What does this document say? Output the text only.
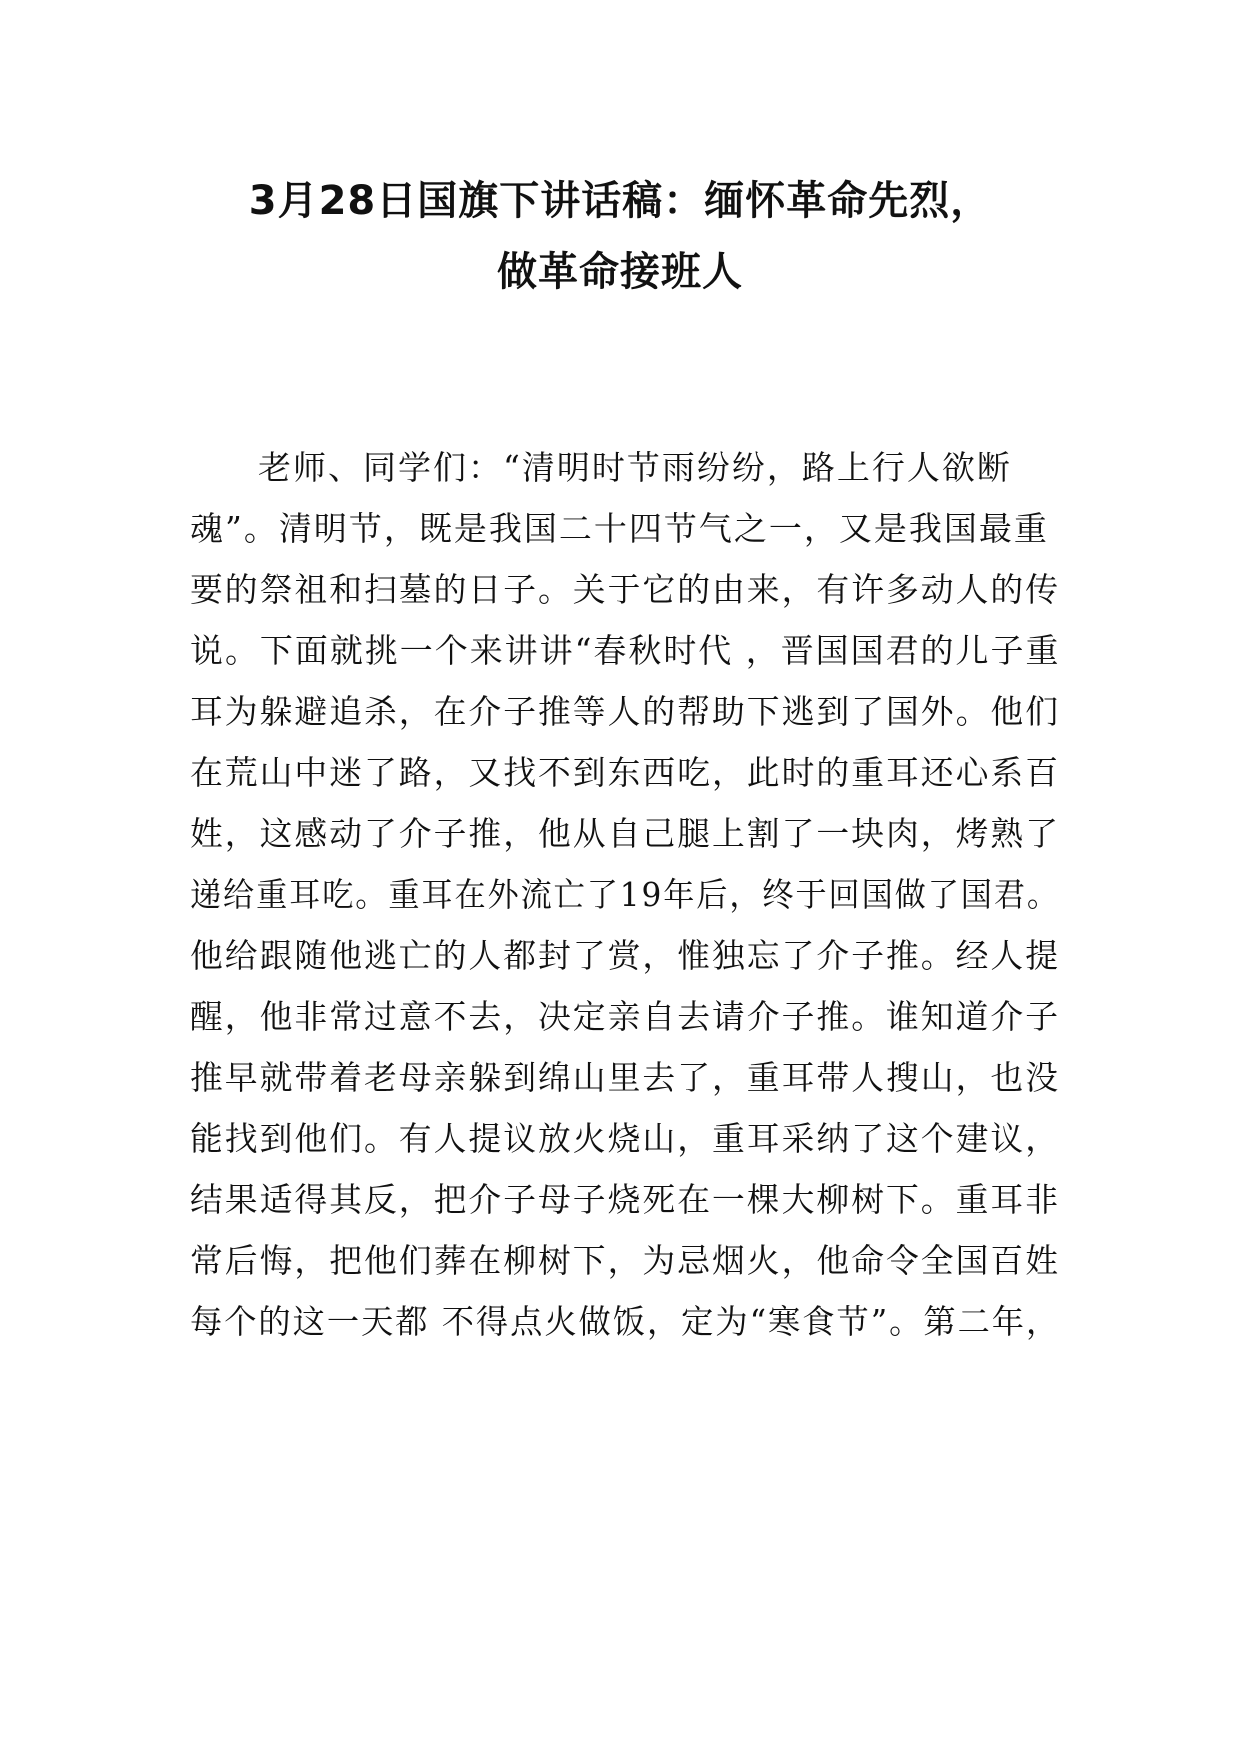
3月28日国旗下讲话稿：缅怀革命先烈，
做革命接班人
老师、同学们：“清明时节雨纷纷，路上行人欲断
魂”。清明节，既是我国二十四节气之一，又是我国最重
要的祭祖和扫墓的日子。关于它的由来，有许多动人的传
说。下面就挑一个来讲讲“春秋时代 ，晋国国君的儿子重
耳为躲避追杀，在介子推等人的帮助下逃到了国外。他们
在荒山中迷了路，又找不到东西吃，此时的重耳还心系百
姓，这感动了介子推，他从自己腿上割了一块肉，烤熟了
递给重耳吃。重耳在外流亡了19年后，终于回国做了国君。
他给跟随他逃亡的人都封了赏，惟独忘了介子推。经人提
醒，他非常过意不去，决定亲自去请介子推。谁知道介子
推早就带着老母亲躲到绵山里去了，重耳带人搜山，也没
能找到他们。有人提议放火烧山，重耳采纳了这个建议，
结果适得其反，把介子母子烧死在一棵大柳树下。重耳非
常后悔，把他们葬在柳树下，为忌烟火，他命令全国百姓
每个的这一天都 不得点火做饭，定为“寒食节”。第二年，
